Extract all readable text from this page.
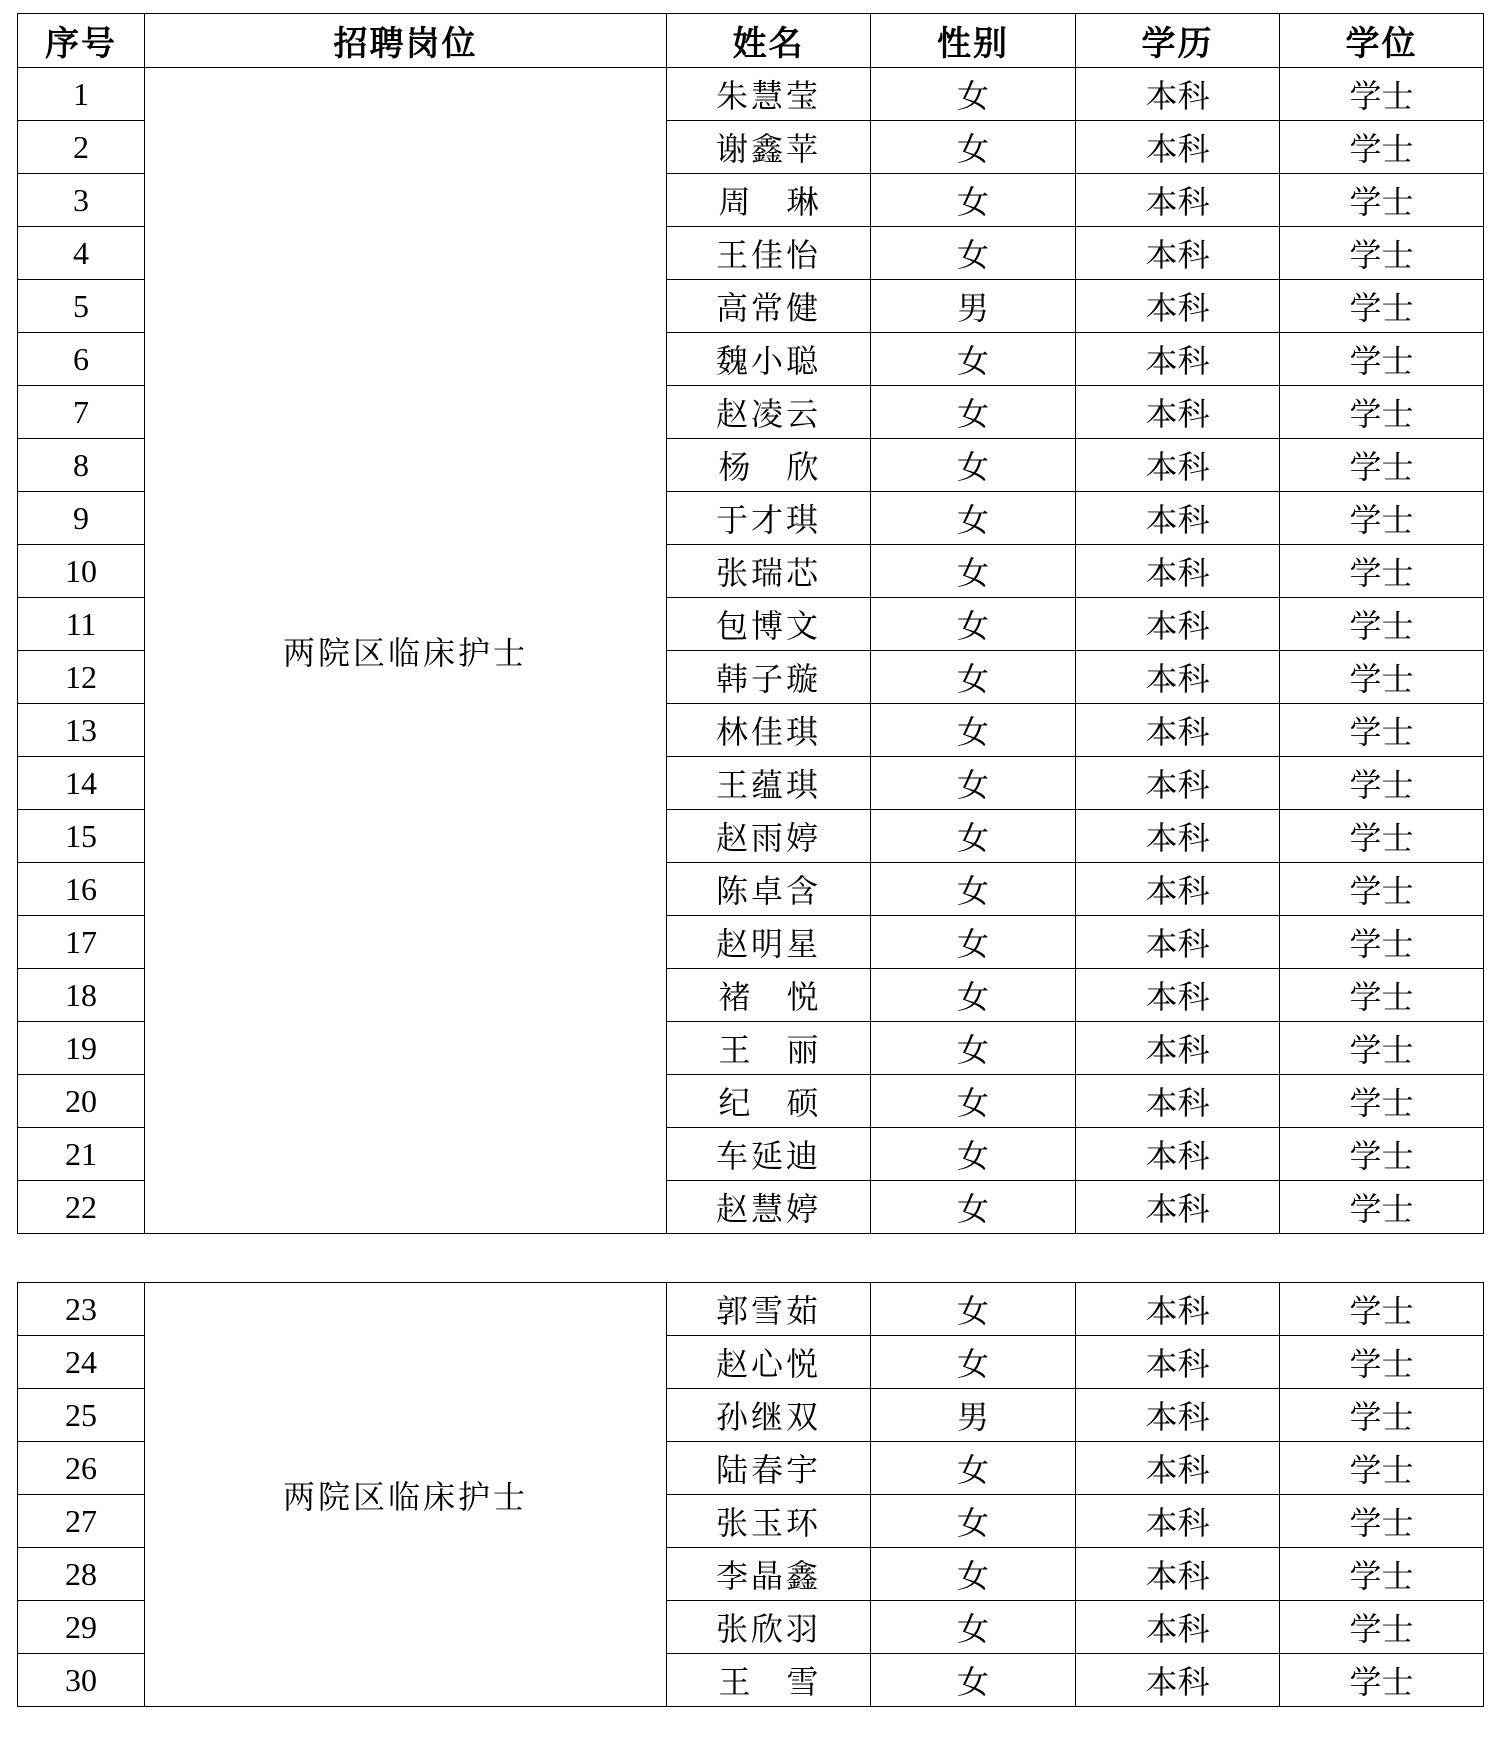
序号	招聘岗位	姓名	性别	学历	学位
1	两院区临床护士	朱慧莹	女	本科	学士
2		谢鑫苹	女	本科	学士
3		周琳	女	本科	学士
4		王佳怡	女	本科	学士
5		高常健	男	本科	学士
6		魏小聪	女	本科	学士
7		赵凌云	女	本科	学士
8		杨欣	女	本科	学士
9		于才琪	女	本科	学士
10		张瑞芯	女	本科	学士
11		包博文	女	本科	学士
12		韩子璇	女	本科	学士
13		林佳琪	女	本科	学士
14		王蕴琪	女	本科	学士
15		赵雨婷	女	本科	学士
16		陈卓含	女	本科	学士
17		赵明星	女	本科	学士
18		褚悦	女	本科	学士
19		王丽	女	本科	学士
20		纪硕	女	本科	学士
21		车延迪	女	本科	学士
22		赵慧婷	女	本科	学士
23	两院区临床护士	郭雪茹	女	本科	学士
24		赵心悦	女	本科	学士
25		孙继双	男	本科	学士
26		陆春宇	女	本科	学士
27		张玉环	女	本科	学士
28		李晶鑫	女	本科	学士
29		张欣羽	女	本科	学士
30		王雪	女	本科	学士
